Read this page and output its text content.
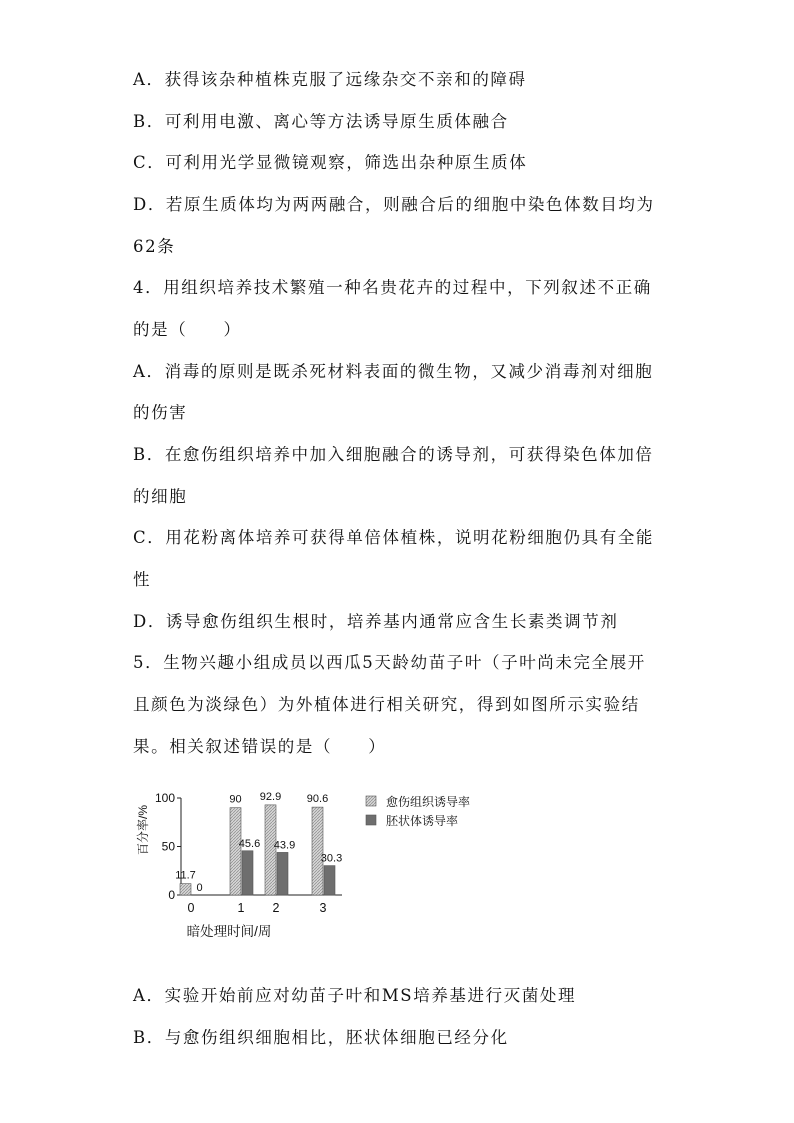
A．获得该杂种植株克服了远缘杂交不亲和的障碍
B．可利用电激、离心等方法诱导原生质体融合
C．可利用光学显微镜观察，筛选出杂种原生质体
D．若原生质体均为两两融合，则融合后的细胞中染色体数目均为
62条
4．用组织培养技术繁殖一种名贵花卉的过程中，下列叙述不正确
的是（　　）
A．消毒的原则是既杀死材料表面的微生物，又减少消毒剂对细胞
的伤害
B．在愈伤组织培养中加入细胞融合的诱导剂，可获得染色体加倍
的细胞
C．用花粉离体培养可获得单倍体植株，说明花粉细胞仍具有全能
性
D．诱导愈伤组织生根时，培养基内通常应含生长素类调节剂
5．生物兴趣小组成员以西瓜5天龄幼苗子叶（子叶尚未完全展开
且颜色为淡绿色）为外植体进行相关研究，得到如图所示实验结
果。相关叙述错误的是（　　）
百分率/%
暗处理时间/周
0
50
100
0	1 2	3
11.7
90 92.9 90.6
0
45.6 43.9
30.3
愈伤组织诱导率
胚状体诱导率
A．实验开始前应对幼苗子叶和MS培养基进行灭菌处理
B．与愈伤组织细胞相比，胚状体细胞已经分化
